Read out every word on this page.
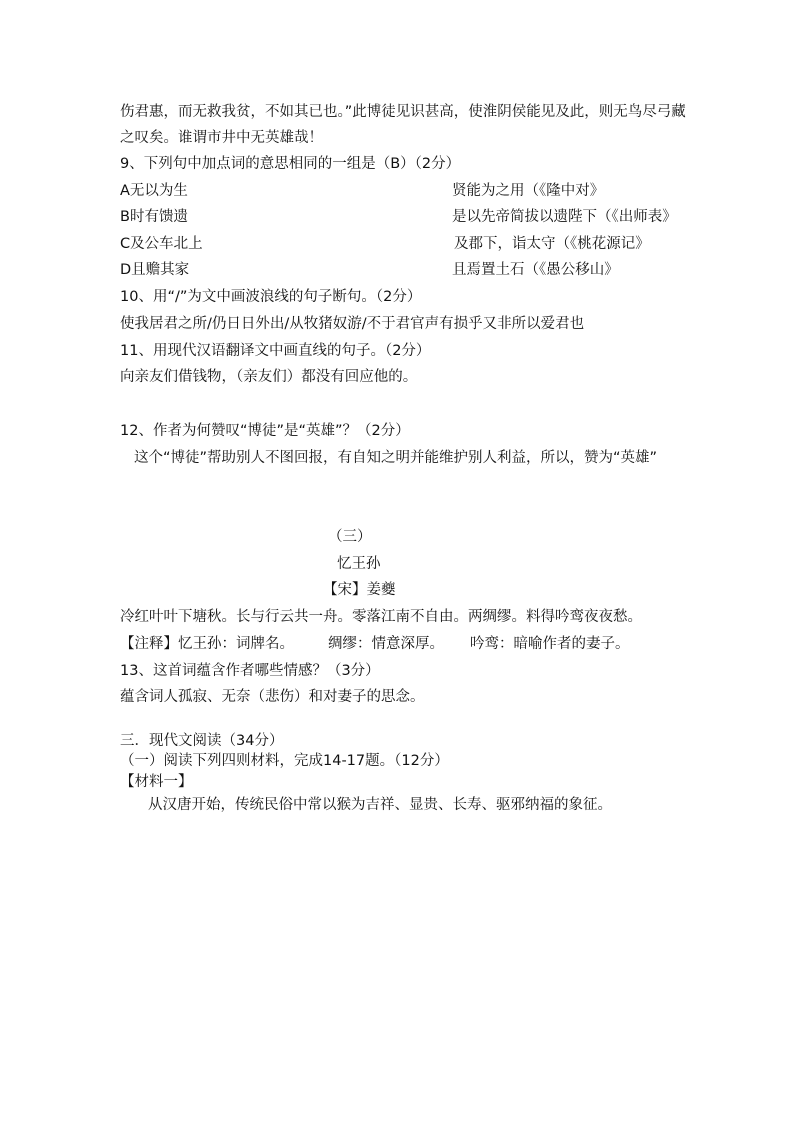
伤君惠，而无救我贫，不如其已也。”此博徒见识甚高，使淮阴侯能见及此，则无鸟尽弓藏
之叹矣。谁谓市井中无英雄哉！
9、下列句中加点词的意思相同的一组是（B）（2分）
A无以为生	贤能为之用（《隆中对》
B时有馈遗	是以先帝简拔以遗陛下（《出师表》
C及公车北上	及郡下，诣太守（《桃花源记》
D且赡其家	且焉置土石（《愚公移山》
10、用“/”为文中画波浪线的句子断句。（2分）
使我居君之所/仍日日外出/从牧猪奴游/不于君官声有损乎又非所以爱君也
11、用现代汉语翻译文中画直线的句子。（2分）
向亲友们借钱物，（亲友们）都没有回应他的。
12、作者为何赞叹“博徒”是“英雄”？（2分）
这个“博徒”帮助别人不图回报，有自知之明并能维护别人利益，所以，赞为“英雄”
（三）
忆王孙
【宋】姜夔
冷红叶叶下塘秋。长与行云共一舟。零落江南不自由。两绸缪。料得吟鸾夜夜愁。
【注释】忆王孙：词牌名。 绸缪：情意深厚。 吟鸾：暗喻作者的妻子。
13、这首词蕴含作者哪些情感？（3分）
蕴含词人孤寂、无奈（悲伤）和对妻子的思念。
三．现代文阅读（34分）
（一）阅读下列四则材料，完成14-17题。（12分）
【材料一】
从汉唐开始，传统民俗中常以猴为吉祥、显贵、长寿、驱邪纳福的象征。
